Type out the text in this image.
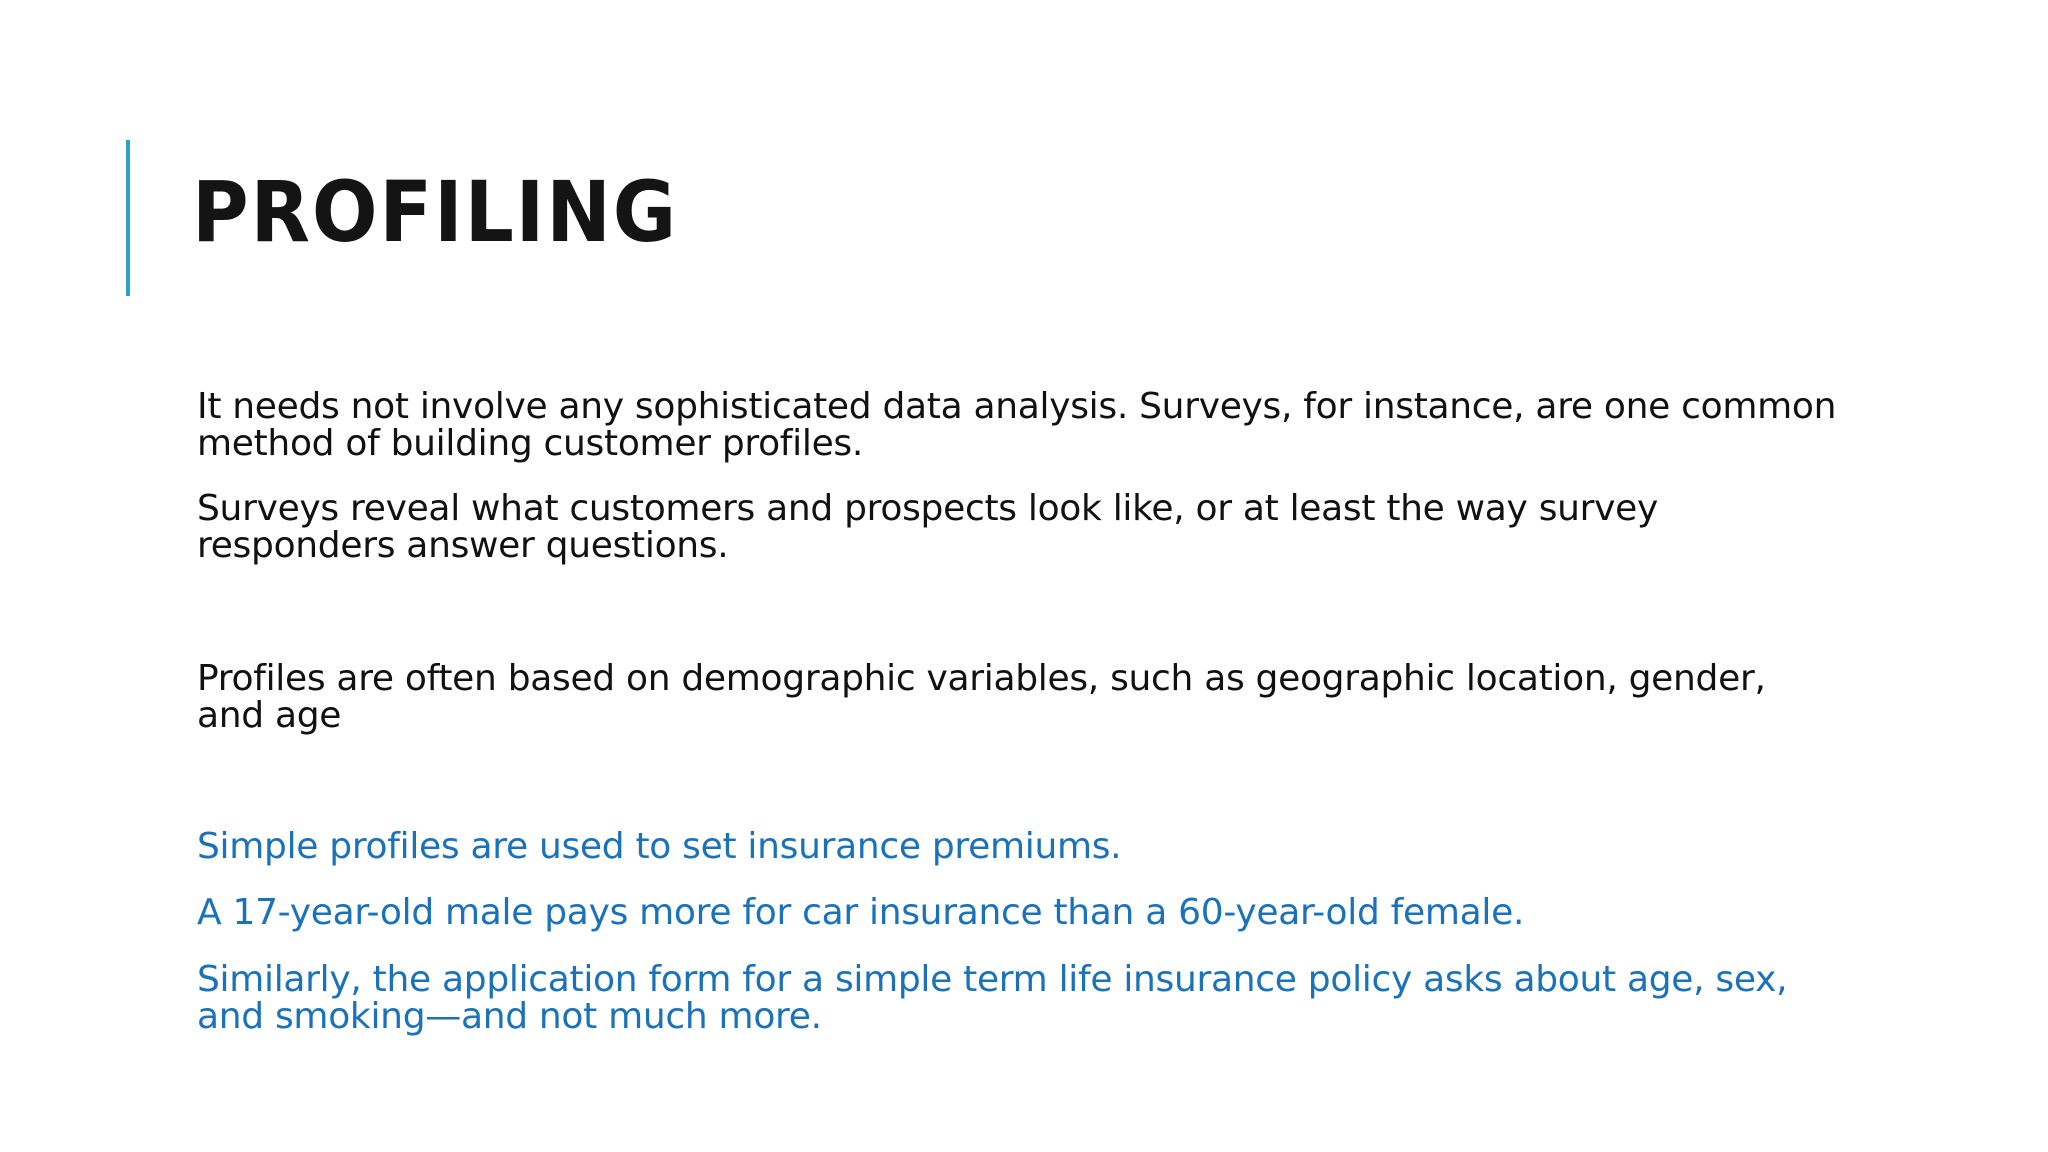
PROFILING

It needs not involve any sophisticated data analysis. Surveys, for instance, are one common method of building customer profiles.

Surveys reveal what customers and prospects look like, or at least the way survey responders answer questions.

Profiles are often based on demographic variables, such as geographic location, gender, and age

Simple profiles are used to set insurance premiums.

A 17-year-old male pays more for car insurance than a 60-year-old female.

Similarly, the application form for a simple term life insurance policy asks about age, sex, and smoking—and not much more.
